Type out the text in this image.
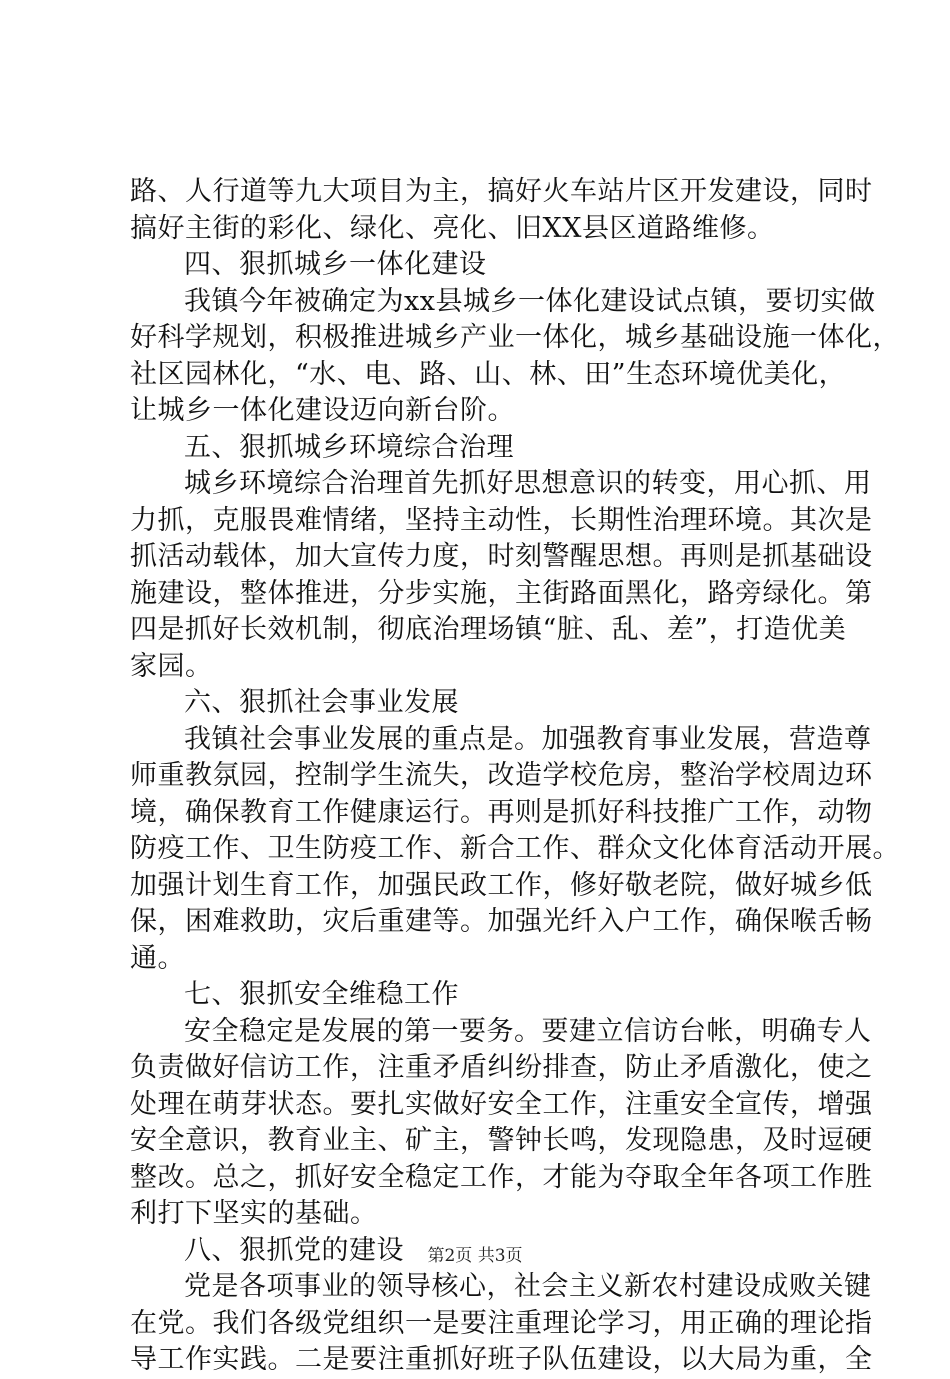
路、人行道等九大项目为主，搞好火车站片区开发建设，同时
搞好主街的彩化、绿化、亮化、旧XX县区道路维修。
四、狠抓城乡一体化建设
我镇今年被确定为xx县城乡一体化建设试点镇，要切实做
好科学规划，积极推进城乡产业一体化，城乡基础设施一体化，
社区园林化，“水、电、路、山、林、田”生态环境优美化，
让城乡一体化建设迈向新台阶。
五、狠抓城乡环境综合治理
城乡环境综合治理首先抓好思想意识的转变，用心抓、用
力抓，克服畏难情绪，坚持主动性，长期性治理环境。其次是
抓活动载体，加大宣传力度，时刻警醒思想。再则是抓基础设
施建设，整体推进，分步实施，主街路面黑化，路旁绿化。第
四是抓好长效机制，彻底治理场镇“脏、乱、差”，打造优美
家园。
六、狠抓社会事业发展
我镇社会事业发展的重点是。加强教育事业发展，营造尊
师重教氛园，控制学生流失，改造学校危房，整治学校周边环
境，确保教育工作健康运行。再则是抓好科技推广工作，动物
防疫工作、卫生防疫工作、新合工作、群众文化体育活动开展。
加强计划生育工作，加强民政工作，修好敬老院，做好城乡低
保，困难救助，灾后重建等。加强光纤入户工作，确保喉舌畅
通。
七、狠抓安全维稳工作
安全稳定是发展的第一要务。要建立信访台帐，明确专人
负责做好信访工作，注重矛盾纠纷排查，防止矛盾激化，使之
处理在萌芽状态。要扎实做好安全工作，注重安全宣传，增强
安全意识，教育业主、矿主，警钟长鸣，发现隐患，及时逗硬
整改。总之，抓好安全稳定工作，才能为夺取全年各项工作胜
利打下坚实的基础。
八、狠抓党的建设
党是各项事业的领导核心，社会主义新农村建设成败关键
在党。我们各级党组织一是要注重理论学习，用正确的理论指
导工作实践。二是要注重抓好班子队伍建设，以大局为重，全
第2页 共3页
